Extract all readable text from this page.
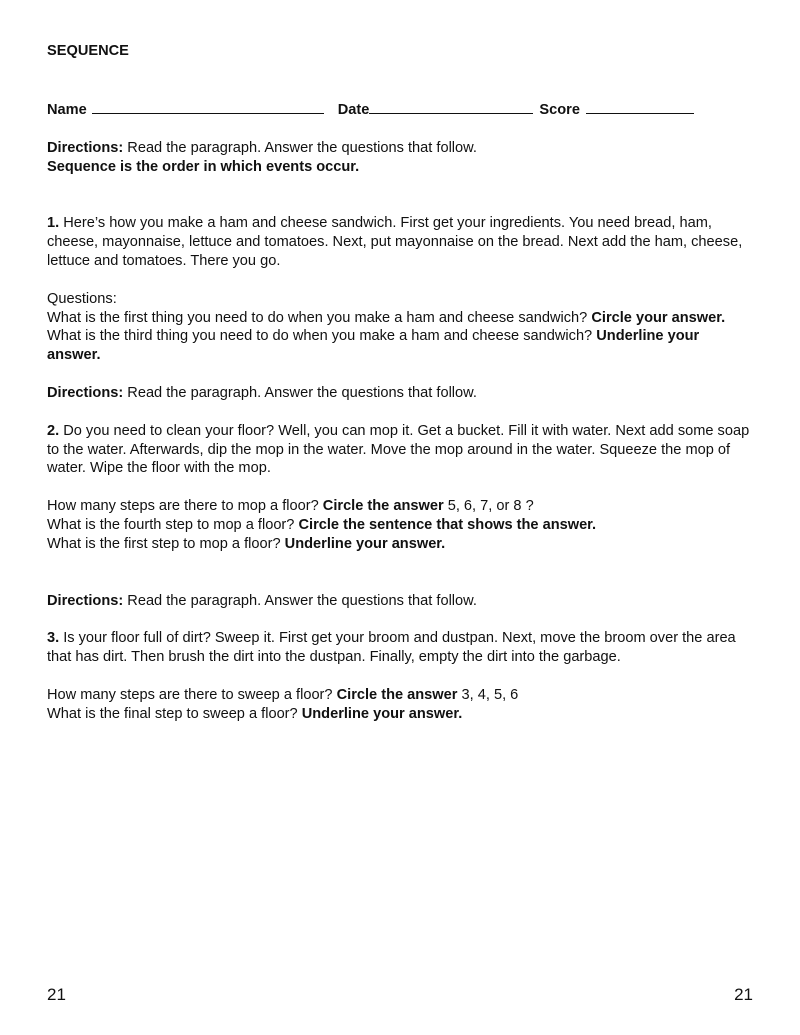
SEQUENCE

Name	Date	Score

Directions: Read the paragraph. Answer the questions that follow.

Sequence is the order in which events occur.

1. Here’s how you make a ham and cheese sandwich. First get your ingredients. You need bread, ham, cheese, mayonnaise, lettuce and tomatoes. Next, put mayonnaise on the bread. Next add the ham, cheese, lettuce and tomatoes. There you go.

Questions:

What is the first thing you need to do when you make a ham and cheese sandwich? Circle your answer.

What is the third thing you need to do when you make a ham and cheese sandwich? Underline your answer.

Directions: Read the paragraph. Answer the questions that follow.

2. Do you need to clean your floor? Well, you can mop it. Get a bucket. Fill it with water. Next add some soap to the water. Afterwards, dip the mop in the water. Move the mop around in the water. Squeeze the mop of water. Wipe the floor with the mop.

How many steps are there to mop a floor? Circle the answer 5, 6, 7, or 8 ?

What is the fourth step to mop a floor? Circle the sentence that shows the answer.

What is the first step to mop a floor? Underline your answer.

Directions: Read the paragraph. Answer the questions that follow.

3. Is your floor full of dirt? Sweep it. First get your broom and dustpan. Next, move the broom over the area that has dirt. Then brush the dirt into the dustpan. Finally, empty the dirt into the garbage.

How many steps are there to sweep a floor? Circle the answer 3, 4, 5, 6

What is the final step to sweep a floor? Underline your answer.

21	21
